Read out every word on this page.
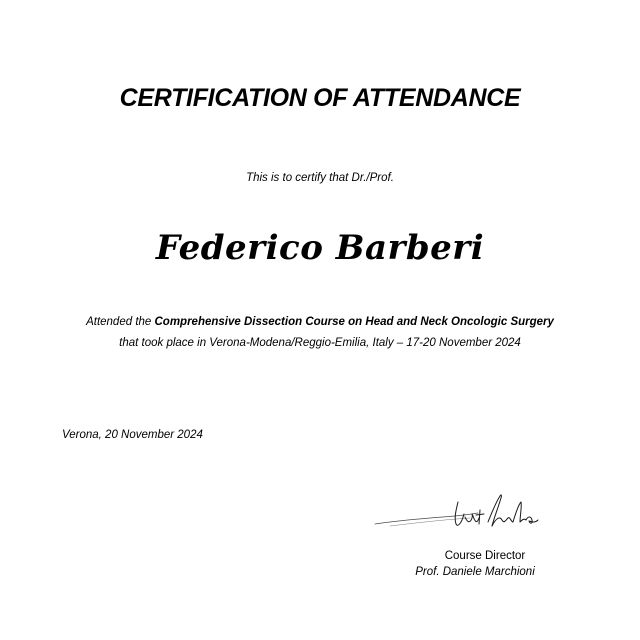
CERTIFICATION OF ATTENDANCE
This is to certify that Dr./Prof.
Federico Barberi
Attended the Comprehensive Dissection Course on Head and Neck Oncologic Surgery
that took place in Verona-Modena/Reggio-Emilia, Italy – 17-20 November 2024
Verona, 20 November 2024
Course Director
Prof. Daniele Marchioni
